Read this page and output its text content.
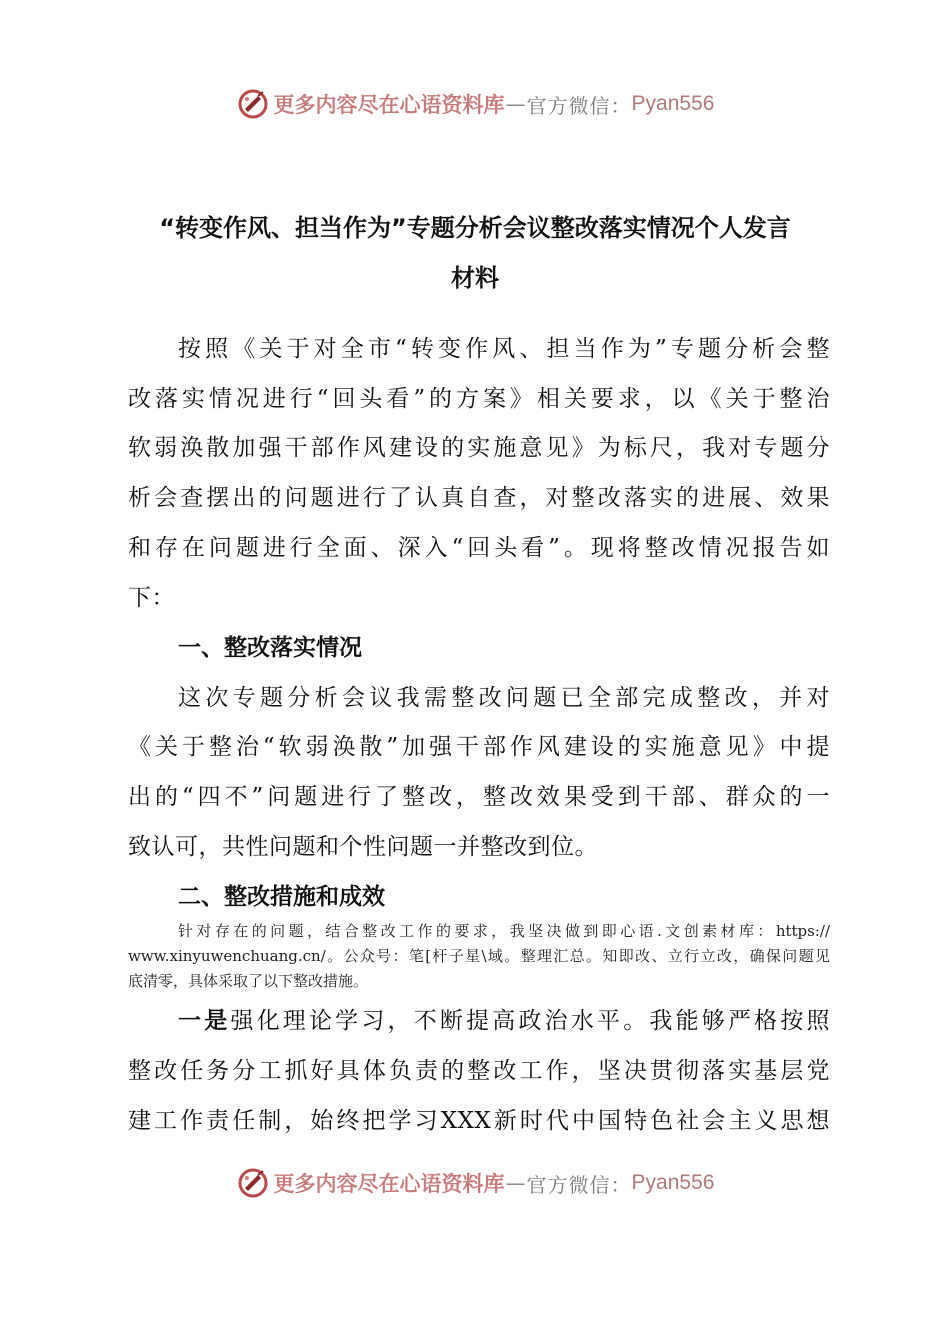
更多内容尽在心语资料库 — 官方微信： Pyan556
“转变作风、担当作为”专题分析会议整改落实情况个人发言
材料
按照《关于对全市“转变作风、担当作为”专题分析会整
改落实情况进行“回头看”的方案》相关要求，以《关于整治
软弱涣散加强干部作风建设的实施意见》为标尺，我对专题分
析会查摆出的问题进行了认真自查，对整改落实的进展、效果
和存在问题进行全面、深入“回头看”。现将整改情况报告如
下：
一、整改落实情况
这次专题分析会议我需整改问题已全部完成整改，并对
《关于整治“软弱涣散”加强干部作风建设的实施意见》中提
出的“四不”问题进行了整改，整改效果受到干部、群众的一
致认可，共性问题和个性问题一并整改到位。
二、整改措施和成效
针对存在的问题，结合整改工作的要求，我坚决做到即心语.文创素材库：https://
www.xinyuwenchuang.cn/。公众号：笔[杆子星\域。整理汇总。知即改、立行立改，确保问题见
底清零，具体采取了以下整改措施。
一是强化理论学习，不断提高政治水平。我能够严格按照
整改任务分工抓好具体负责的整改工作，坚决贯彻落实基层党
建工作责任制，始终把学习XXX新时代中国特色社会主义思想
更多内容尽在心语资料库 — 官方微信： Pyan556
